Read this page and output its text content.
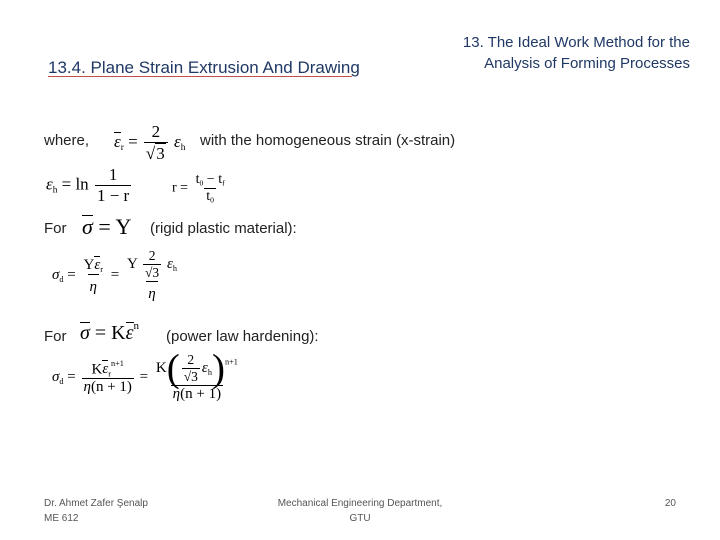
13.4. Plane Strain Extrusion And Drawing
13. The Ideal Work Method for the
Analysis of Forming Processes
where, $\varepsilon_r = \frac{2}{√ 3} \varepsilon_h$ with the homogeneous strain (x-strain)
$\varepsilon_h = \ln \frac{1}{1 - r}$	$r = \frac{t_0 - t_f}{t_0}$
For σ = Y (rigid plastic material):
$\sigma_d = \frac{Y\varepsilon_r}{\eta} = \frac{Y \frac{2}{√3} \varepsilon_h}{\eta}$
For $\sigma = K\varepsilon^n$
(power law hardening):
$\sigma_d = \frac{K\varepsilon_r^{n+1}}{\eta(n + 1)} = \frac{K( \frac{2}{√3} \varepsilon_h)^{n+1}}{\eta(n + 1)}$
Dr. Ahmet Zafer Şenalp
ME 612
Mechanical Engineering Department,
GTU
20
